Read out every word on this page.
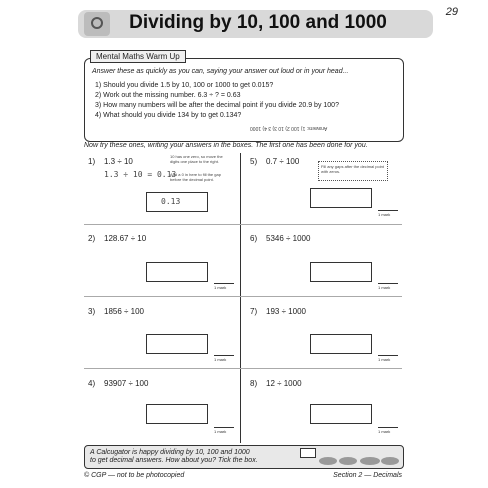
29
Dividing by 10, 100 and 1000
Mental Maths Warm Up
Answer these as quickly as you can, saying your answer out loud or in your head...
1) Should you divide 1.5 by 10, 100 or 1000 to get 0.015?
2) Work out the missing number. 6.3 ÷ ? = 0.63
3) How many numbers will be after the decimal point if you divide 20.9 by 100?
4) What should you divide 134 by to get 0.134?
Answers: 1) 100 2) 10 3) 3 4) 1000
Now try these ones, writing your answers in the boxes. The first one has been done for you.
1) 1.3 ÷ 10
1.3 ÷ 10 = 0.13
10 has one zero, so move the digits one place to the right.
Add a 0 in here to fill the gap before the decimal point.
0.13
5) 0.7 ÷ 100
Fill any gaps after the decimal point with zeros.
1 mark
2) 128.67 ÷ 10
1 mark
6) 5346 ÷ 1000
1 mark
3) 1856 ÷ 100
1 mark
7) 193 ÷ 1000
1 mark
4) 93907 ÷ 100
1 mark
8) 12 ÷ 1000
1 mark
A Calcugator is happy dividing by 10, 100 and 1000
to get decimal answers. How about you? Tick the box.
© CGP — not to be photocopied	Section 2 — Decimals
